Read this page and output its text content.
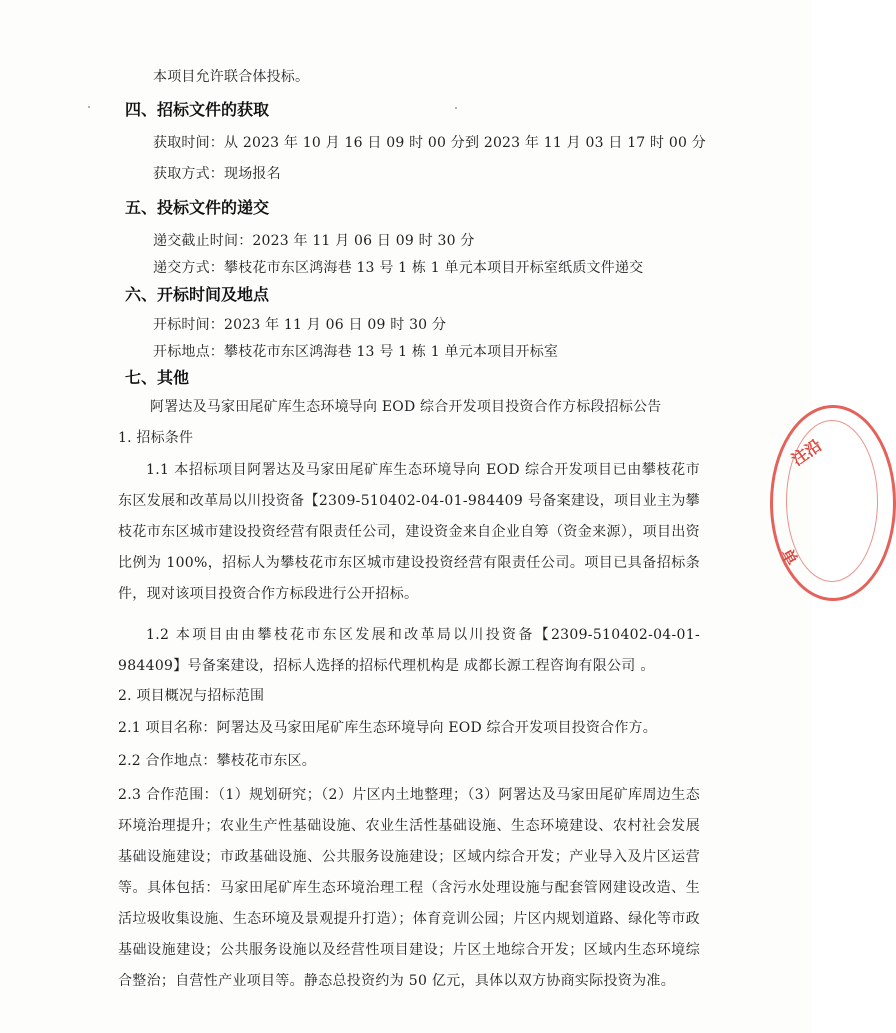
本项目允许联合体投标。
四、招标文件的获取
获取时间：从 2023 年 10 月 16 日 09 时 00 分到 2023 年 11 月 03 日 17 时 00 分
获取方式：现场报名
五、投标文件的递交
递交截止时间：2023 年 11 月 06 日 09 时 30 分
递交方式：攀枝花市东区鸿海巷 13 号 1 栋 1 单元本项目开标室纸质文件递交
六、开标时间及地点
开标时间：2023 年 11 月 06 日 09 时 30 分
开标地点：攀枝花市东区鸿海巷 13 号 1 栋 1 单元本项目开标室
七、其他
阿署达及马家田尾矿库生态环境导向 EOD 综合开发项目投资合作方标段招标公告
1. 招标条件
1.1 本招标项目阿署达及马家田尾矿库生态环境导向 EOD 综合开发项目已由攀枝花市东区发展和改革局以川投资备【2309-510402-04-01-984409 号备案建设，项目业主为攀枝花市东区城市建设投资经营有限责任公司，建设资金来自企业自筹（资金来源），项目出资比例为 100%，招标人为攀枝花市东区城市建设投资经营有限责任公司。项目已具备招标条件，现对该项目投资合作方标段进行公开招标。
1.2 本项目由由攀枝花市东区发展和改革局以川投资备【2309-510402-04-01-984409】号备案建设，招标人选择的招标代理机构是 成都长源工程咨询有限公司 。
2. 项目概况与招标范围
2.1 项目名称：阿署达及马家田尾矿库生态环境导向 EOD 综合开发项目投资合作方。
2.2 合作地点：攀枝花市东区。
2.3 合作范围：（1）规划研究；（2）片区内土地整理；（3）阿署达及马家田尾矿库周边生态环境治理提升；农业生产性基础设施、农业生活性基础设施、生态环境建设、农村社会发展基础设施建设；市政基础设施、公共服务设施建设；区域内综合开发；产业导入及片区运营等。具体包括：马家田尾矿库生态环境治理工程（含污水处理设施与配套管网建设改造、生活垃圾收集设施、生态环境及景观提升打造）；体育竞训公园；片区内规划道路、绿化等市政基础设施建设；公共服务设施以及经营性项目建设；片区土地综合开发；区域内生态环境综合整治；自营性产业项目等。静态总投资约为 50 亿元，具体以双方协商实际投资为准。
注沿
单
